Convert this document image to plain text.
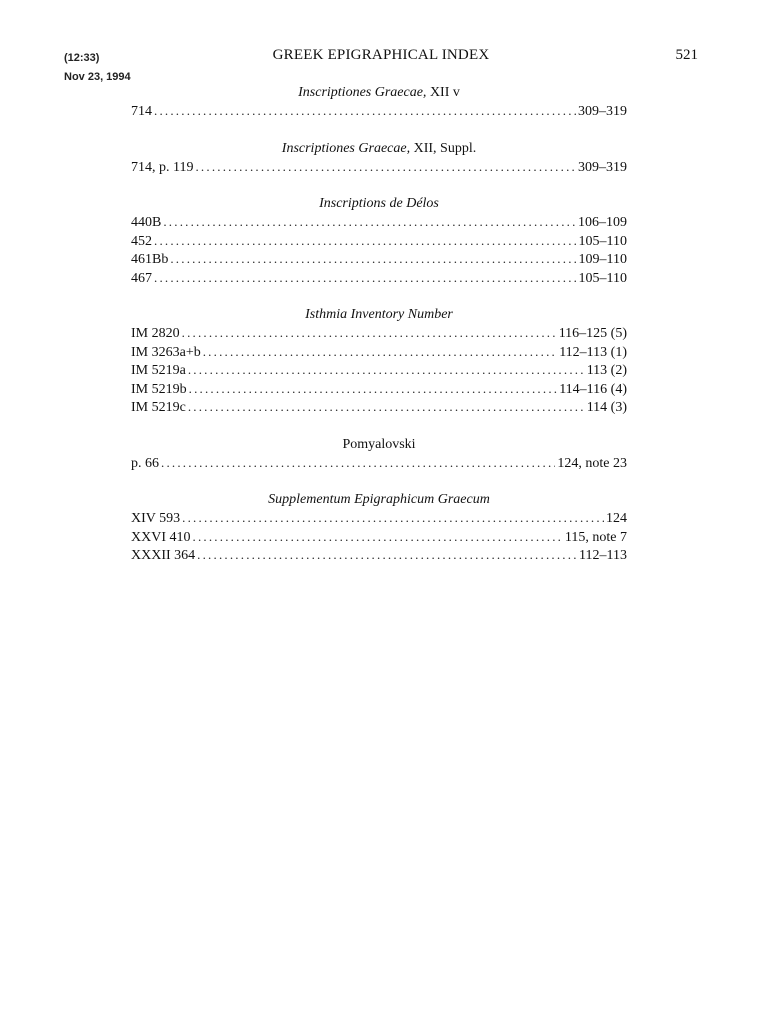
(12:33)
Nov 23, 1994
GREEK EPIGRAPHICAL INDEX	521
Inscriptiones Graecae, XII v
714 .....	309–319
Inscriptiones Graecae, XII, Suppl.
714, p. 119 .....	309–319
Inscriptions de Délos
440B .....	106–109
452 .....	105–110
461Bb .....	109–110
467 .....	105–110
Isthmia Inventory Number
IM 2820 .....	116–125 (5)
IM 3263a+b .....	112–113 (1)
IM 5219a .....	113 (2)
IM 5219b .....	114–116 (4)
IM 5219c .....	114 (3)
Pomyalovski
p. 66 .....	124, note 23
Supplementum Epigraphicum Graecum
XIV 593 .....	124
XXVI 410 .....	115, note 7
XXXII 364 .....	112–113
